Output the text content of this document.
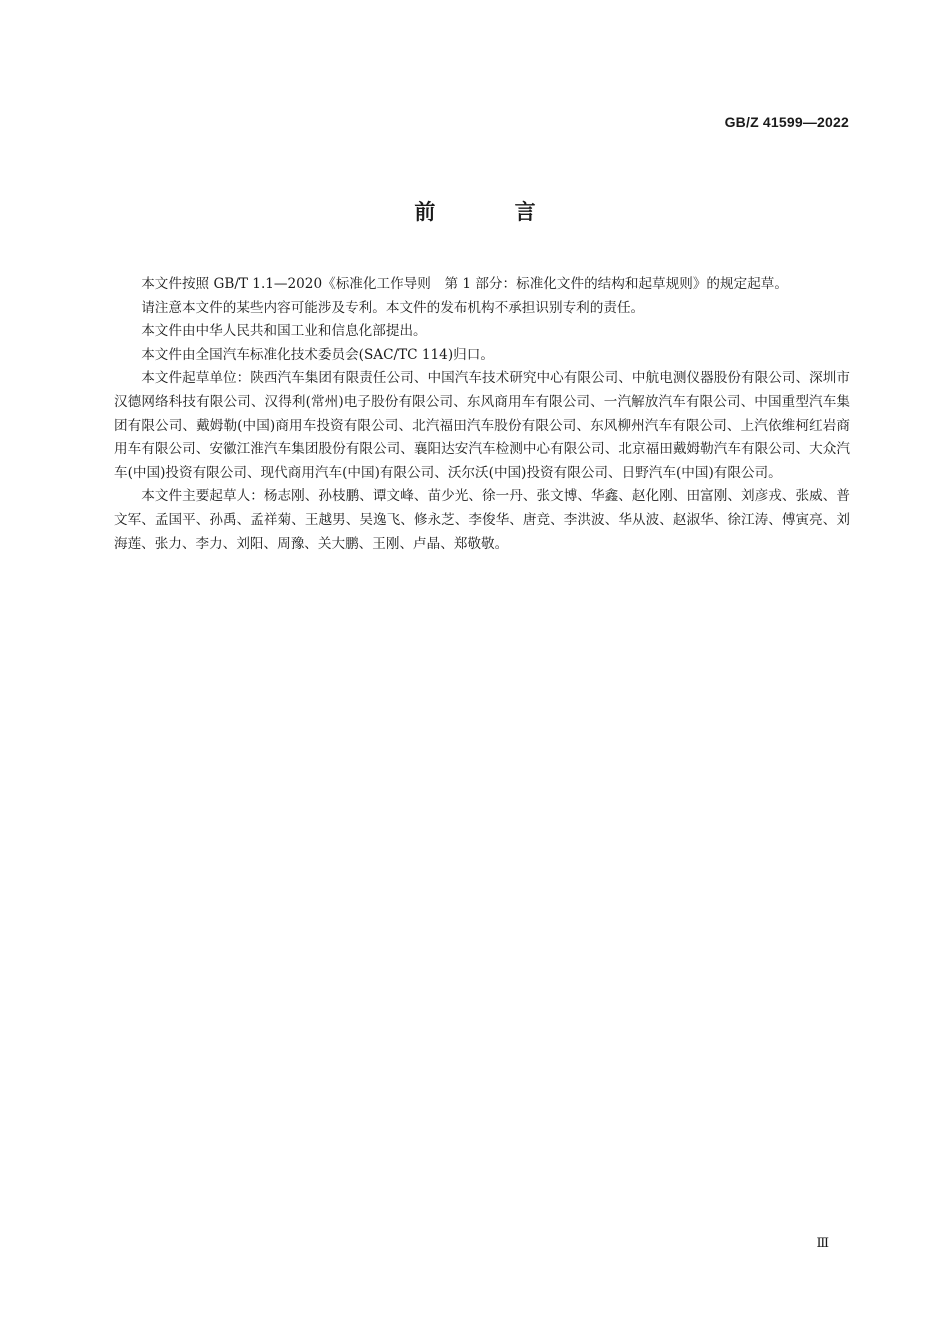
GB/Z 41599—2022
前 言

本文件按照 GB/T 1.1—2020《标准化工作导则　第 1 部分：标准化文件的结构和起草规则》的规定起草。

请注意本文件的某些内容可能涉及专利。本文件的发布机构不承担识别专利的责任。

本文件由中华人民共和国工业和信息化部提出。

本文件由全国汽车标准化技术委员会(SAC/TC 114)归口。

本文件起草单位：陕西汽车集团有限责任公司、中国汽车技术研究中心有限公司、中航电测仪器股份有限公司、深圳市汉德网络科技有限公司、汉得利(常州)电子股份有限公司、东风商用车有限公司、一汽解放汽车有限公司、中国重型汽车集团有限公司、戴姆勒(中国)商用车投资有限公司、北汽福田汽车股份有限公司、东风柳州汽车有限公司、上汽依维柯红岩商用车有限公司、安徽江淮汽车集团股份有限公司、襄阳达安汽车检测中心有限公司、北京福田戴姆勒汽车有限公司、大众汽车(中国)投资有限公司、现代商用汽车(中国)有限公司、沃尔沃(中国)投资有限公司、日野汽车(中国)有限公司。

本文件主要起草人：杨志刚、孙枝鹏、谭文峰、苗少光、徐一丹、张文博、华鑫、赵化刚、田富刚、刘彦戎、张威、普文军、孟国平、孙禹、孟祥菊、王越男、吴逸飞、修永芝、李俊华、唐竞、李洪波、华从波、赵淑华、徐江涛、傅寅亮、刘海莲、张力、李力、刘阳、周豫、关大鹏、王刚、卢晶、郑敬敬。

Ⅲ
